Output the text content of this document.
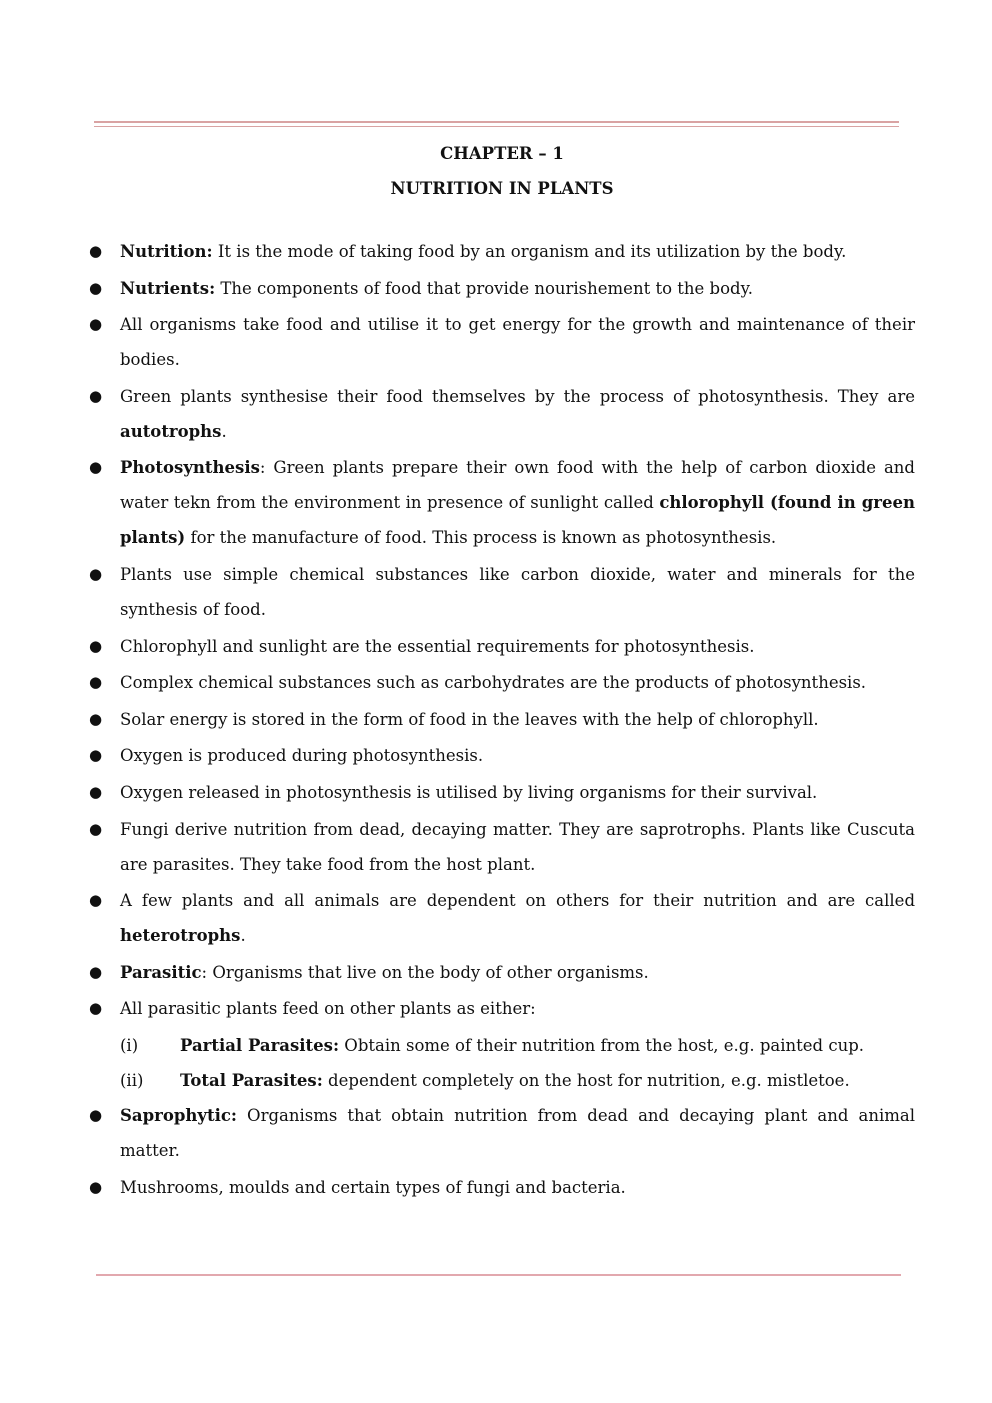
CHAPTER – 1
NUTRITION IN PLANTS
● Nutrition: It is the mode of taking food by an organism and its utilization by the body.
● Nutrients: The components of food that provide nourishement to the body.
● All organisms take food and utilise it to get energy for the growth and maintenance of their bodies.
● Green plants synthesise their food themselves by the process of photosynthesis. They are autotrophs.
● Photosynthesis: Green plants prepare their own food with the help of carbon dioxide and water tekn from the environment in presence of sunlight called chlorophyll (found in green plants) for the manufacture of food. This process is known as photosynthesis.
● Plants use simple chemical substances like carbon dioxide, water and minerals for the synthesis of food.
● Chlorophyll and sunlight are the essential requirements for photosynthesis.
● Complex chemical substances such as carbohydrates are the products of photosynthesis.
● Solar energy is stored in the form of food in the leaves with the help of chlorophyll.
● Oxygen is produced during photosynthesis.
● Oxygen released in photosynthesis is utilised by living organisms for their survival.
● Fungi derive nutrition from dead, decaying matter. They are saprotrophs. Plants like Cuscuta are parasites. They take food from the host plant.
● A few plants and all animals are dependent on others for their nutrition and are called heterotrophs.
● Parasitic: Organisms that live on the body of other organisms.
● All parasitic plants feed on other plants as either:
(i)	Partial Parasites: Obtain some of their nutrition from the host, e.g. painted cup.
(ii) Total Parasites: dependent completely on the host for nutrition, e.g. mistletoe.
● Saprophytic: Organisms that obtain nutrition from dead and decaying plant and animal matter.
● Mushrooms, moulds and certain types of fungi and bacteria.
